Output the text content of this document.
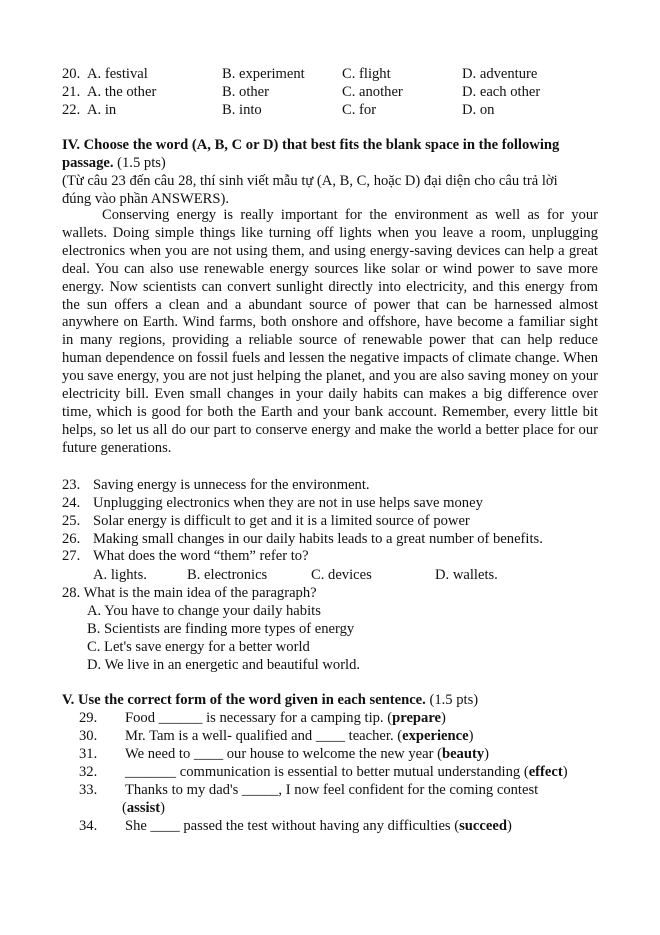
20. A. festival	B. experiment	C. flight	D. adventure
21. A. the other	B. other	C. another	D. each other
22. A. in	B. into	C. for	D. on
IV. Choose the word (A, B, C or D) that best fits the blank space in the following
passage. (1.5 pts)
(Từ câu 23 đến câu 28, thí sinh viết mẫu tự (A, B, C, hoặc D) đại diện cho câu trả lời
đúng vào phần ANSWERS).
Conserving energy is really important for the environment as well as for your wallets. Doing simple things like turning off lights when you leave a room, unplugging electronics when you are not using them, and using energy-saving devices can help a great deal. You can also use renewable energy sources like solar or wind power to save more energy. Now scientists can convert sunlight directly into electricity, and this energy from the sun offers a clean and a abundant source of power that can be harnessed almost anywhere on Earth. Wind farms, both onshore and offshore, have become a familiar sight in many regions, providing a reliable source of renewable power that can help reduce human dependence on fossil fuels and lessen the negative impacts of climate change. When you save energy, you are not just helping the planet, and you are also saving money on your electricity bill. Even small changes in your daily habits can makes a big difference over time, which is good for both the Earth and your bank account. Remember, every little bit helps, so let us all do our part to conserve energy and make the world a better place for our future generations.
23. Saving energy is unnecess for the environment.
24. Unplugging electronics when they are not in use helps save money
25. Solar energy is difficult to get and it is a limited source of power
26. Making small changes in our daily habits leads to a great number of benefits.
27. What does the word “them” refer to?
A. lights.	B. electronics	C. devices	D. wallets.
28. What is the main idea of the paragraph?
A. You have to change your daily habits
B. Scientists are finding more types of energy
C. Let's save energy for a better world
D. We live in an energetic and beautiful world.
V. Use the correct form of the word given in each sentence. (1.5 pts)
29. Food ______ is necessary for a camping tip. (prepare)
30. Mr. Tam is a well- qualified and ____ teacher. (experience)
31. We need to ____ our house to welcome the new year (beauty)
32. _______ communication is essential to better mutual understanding (effect)
33. Thanks to my dad's _____, I now feel confident for the coming contest
(assist)
34. She ____ passed the test without having any difficulties (succeed)
